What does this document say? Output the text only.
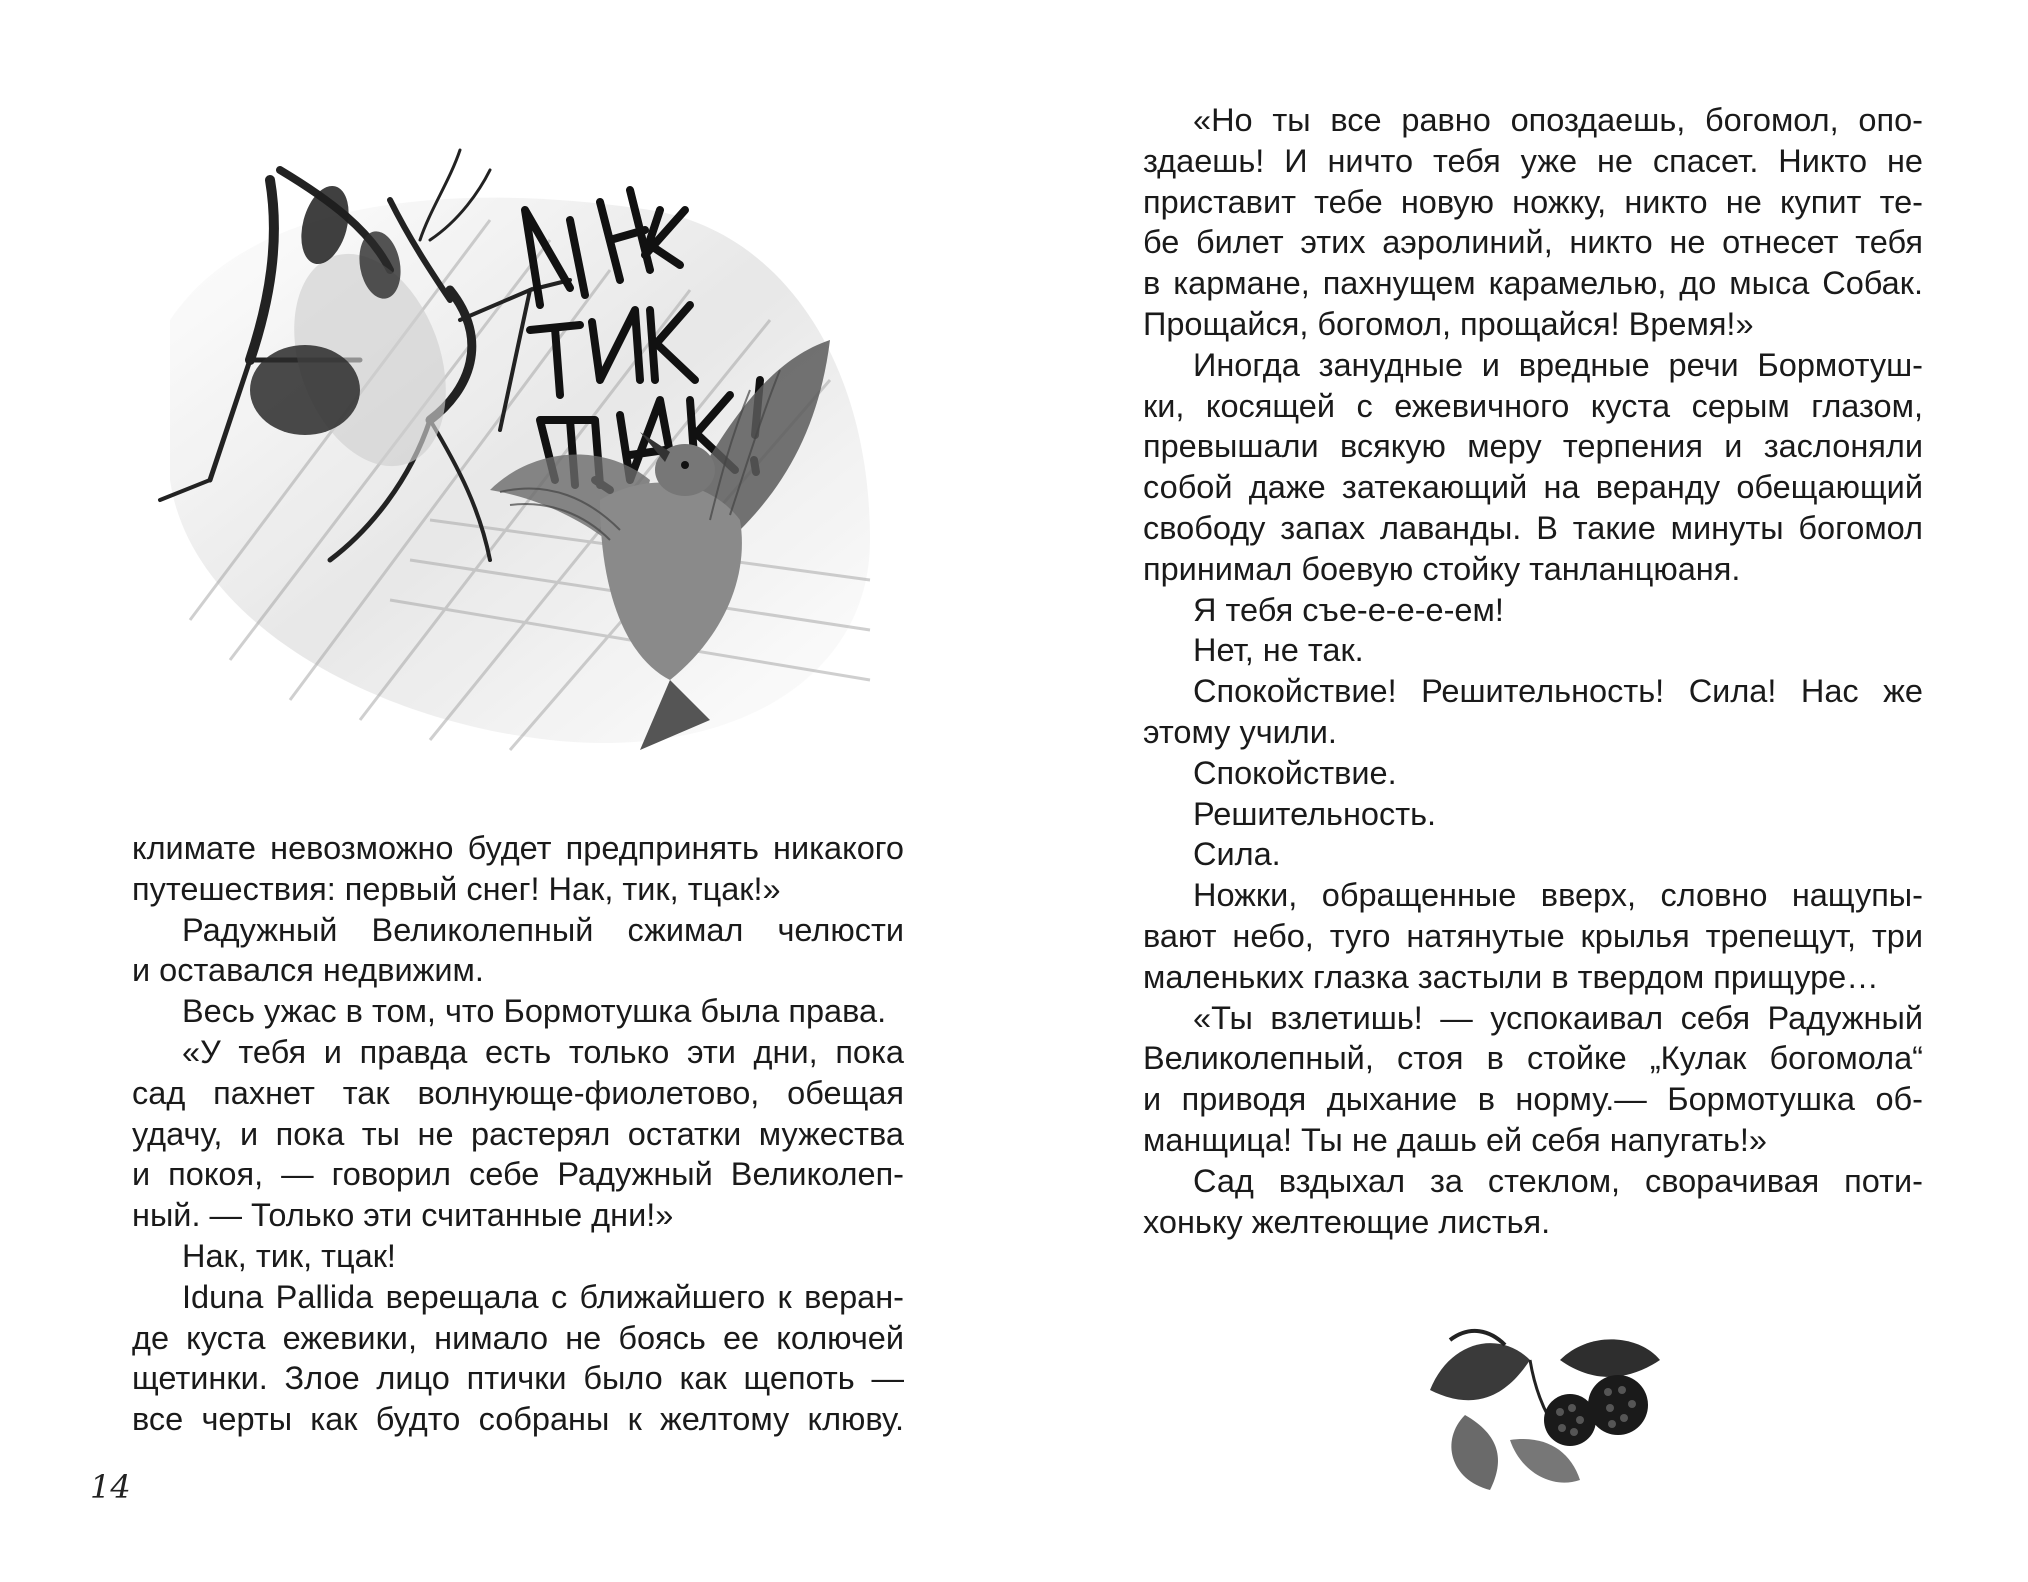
климате невозможно будет предпринять никакого
путешествия: первый снег! Нак, тик, тцак!»
Радужный Великолепный сжимал челюсти
и оставался недвижим.
Весь ужас в том, что Бормотушка была права.
«У тебя и правда есть только эти дни, пока
сад пахнет так волнующе-фиолетово, обещая
удачу, и пока ты не растерял остатки мужества
и покоя, — говорил себе Радужный Великолеп-
ный. — Только эти считанные дни!»
Нак, тик, тцак!
Iduna Pallida верещала с ближайшего к веран-
де куста ежевики, нимало не боясь ее колючей
щетинки. Злое лицо птички было как щепоть —
все черты как будто собраны к желтому клюву.
14
«Но ты все равно опоздаешь, богомол, опо-
здаешь! И ничто тебя уже не спасет. Никто не
приставит тебе новую ножку, никто не купит те-
бе билет этих аэролиний, никто не отнесет тебя
в кармане, пахнущем карамелью, до мыса Собак.
Прощайся, богомол, прощайся! Время!»
Иногда занудные и вредные речи Бормотуш-
ки, косящей с ежевичного куста серым глазом,
превышали всякую меру терпения и заслоняли
собой даже затекающий на веранду обещающий
свободу запах лаванды. В такие минуты богомол
принимал боевую стойку танланцюаня.
Я тебя съе-е-е-е-ем!
Нет, не так.
Спокойствие! Решительность! Сила! Нас же
этому учили.
Спокойствие.
Решительность.
Сила.
Ножки, обращенные вверх, словно нащупы-
вают небо, туго натянутые крылья трепещут, три
маленьких глазка застыли в твердом прищуре…
«Ты взлетишь! — успокаивал себя Радужный
Великолепный, стоя в стойке „Кулак богомола“
и приводя дыхание в норму.— Бормотушка об-
манщица! Ты не дашь ей себя напугать!»
Сад вздыхал за стеклом, сворачивая поти-
хоньку желтеющие листья.
